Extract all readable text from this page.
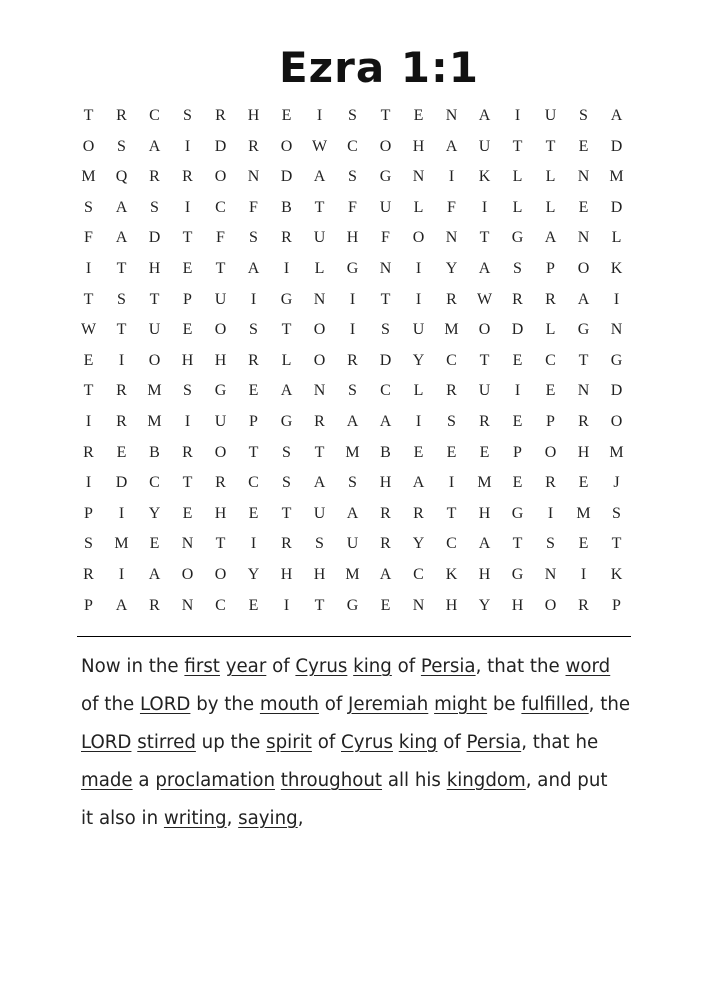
Ezra 1:1
T	R	C	S	R	H	E	I	S	T	E	N	A	I	U	S	A
O	S	A	I	D	R	O	W	C	O	H	A	U	T	T	E	D
M	Q	R	R	O	N	D	A	S	G	N	I	K	L	L	N	M
S	A	S	I	C	F	B	T	F	U	L	F	I	L	L	E	D
F	A	D	T	F	S	R	U	H	F	O	N	T	G	A	N	L
I	T	H	E	T	A	I	L	G	N	I	Y	A	S	P	O	K
T	S	T	P	U	I	G	N	I	T	I	R	W	R	R	A	I
W	T	U	E	O	S	T	O	I	S	U	M	O	D	L	G	N
E	I	O	H	H	R	L	O	R	D	Y	C	T	E	C	T	G
T	R	M	S	G	E	A	N	S	C	L	R	U	I	E	N	D
I	R	M	I	U	P	G	R	A	A	I	S	R	E	P	R	O
R	E	B	R	O	T	S	T	M	B	E	E	E	P	O	H	M
I	D	C	T	R	C	S	A	S	H	A	I	M	E	R	E	J
P	I	Y	E	H	E	T	U	A	R	R	T	H	G	I	M	S
S	M	E	N	T	I	R	S	U	R	Y	C	A	T	S	E	T
R	I	A	O	O	Y	H	H	M	A	C	K	H	G	N	I	K
P	A	R	N	C	E	I	T	G	E	N	H	Y	H	O	R	P
Now in the first year of Cyrus king of Persia, that the word
of the LORD by the mouth of Jeremiah might be fulfilled, the
LORD stirred up the spirit of Cyrus king of Persia, that he
made a proclamation throughout all his kingdom, and put
it also in writing, saying,
